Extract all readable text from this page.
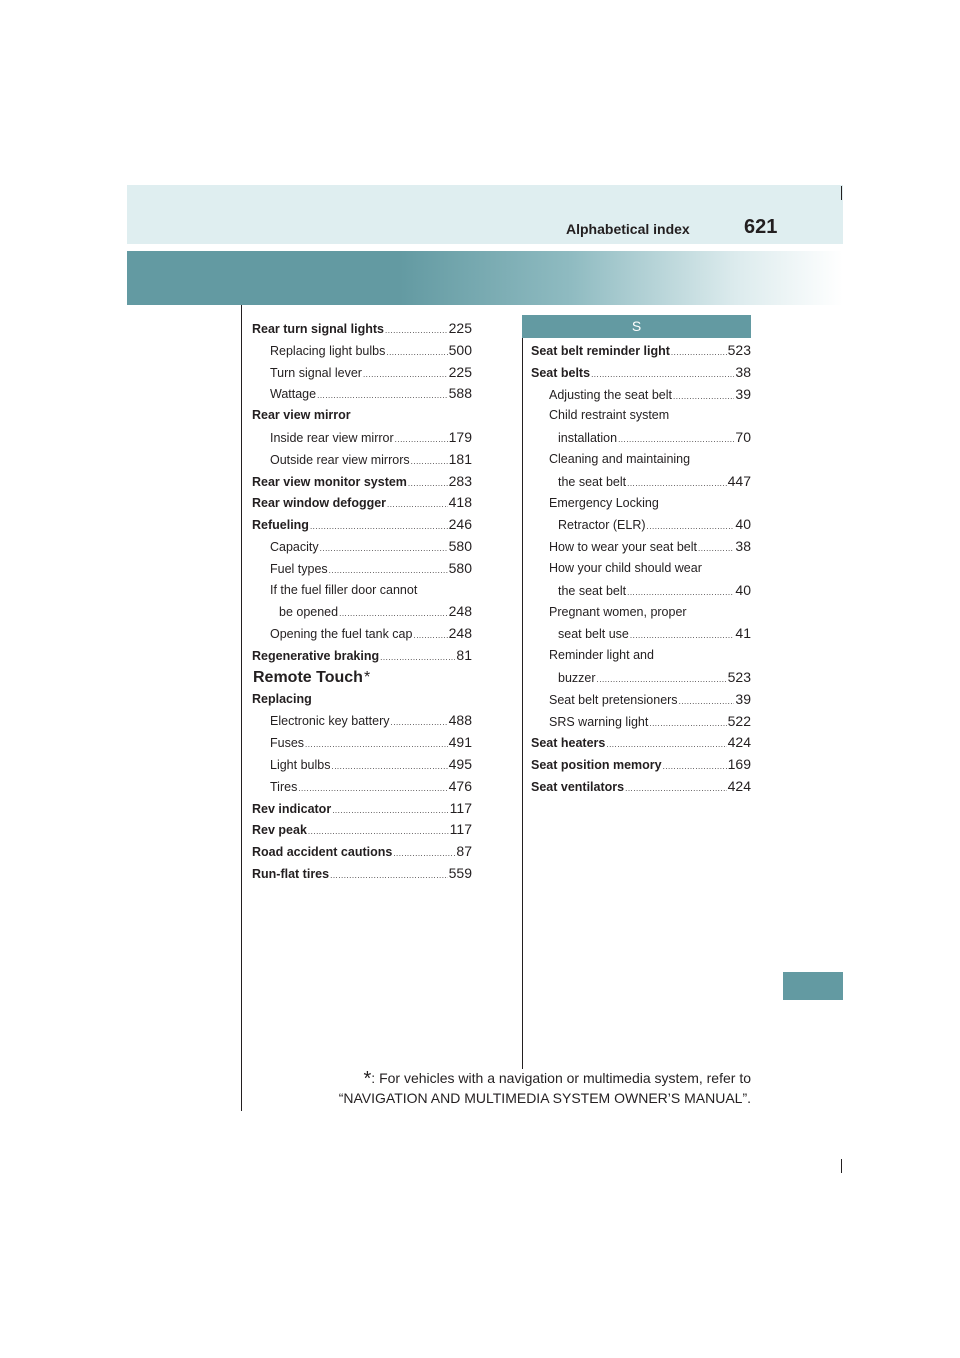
Alphabetical index	621
Rear turn signal lights .....	225
Replacing light bulbs .....	500
Turn signal lever .....	225
Wattage .....	588
Rear view mirror
Inside rear view mirror .....	179
Outside rear view mirrors .....	181
Rear view monitor system .....	283
Rear window defogger .....	418
Refueling .....	246
Capacity .....	580
Fuel types .....	580
If the fuel filler door cannot
be opened .....	248
Opening the fuel tank cap .....	248
Regenerative braking .....	81
Remote Touch *
Replacing
Electronic key battery .....	488
Fuses .....	491
Light bulbs .....	495
Tires .....	476
Rev indicator .....	117
Rev peak .....	117
Road accident cautions .....	87
Run-flat tires .....	559
S
Seat belt reminder light .....	523
Seat belts .....	38
Adjusting the seat belt .....	39
Child restraint system
installation .....	70
Cleaning and maintaining
the seat belt .....	447
Emergency Locking
Retractor (ELR) .....	40
How to wear your seat belt .....	38
How your child should wear
the seat belt .....	40
Pregnant women, proper
seat belt use .....	41
Reminder light and
buzzer .....	523
Seat belt pretensioners .....	39
SRS warning light .....	522
Seat heaters .....	424
Seat position memory .....	169
Seat ventilators .....	424
*: For vehicles with a navigation or multimedia system, refer to
“NAVIGATION AND MULTIMEDIA SYSTEM OWNER’S MANUAL”.
